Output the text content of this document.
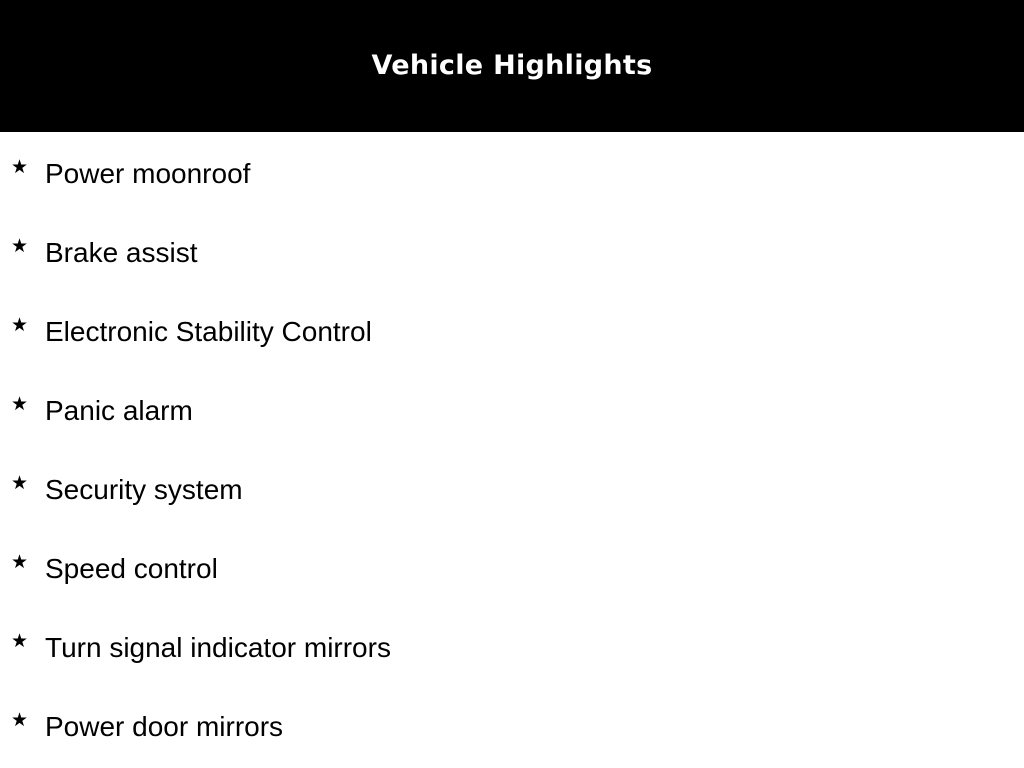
Vehicle Highlights
★ Power moonroof
★ Brake assist
★ Electronic Stability Control
★ Panic alarm
★ Security system
★ Speed control
★ Turn signal indicator mirrors
★ Power door mirrors
